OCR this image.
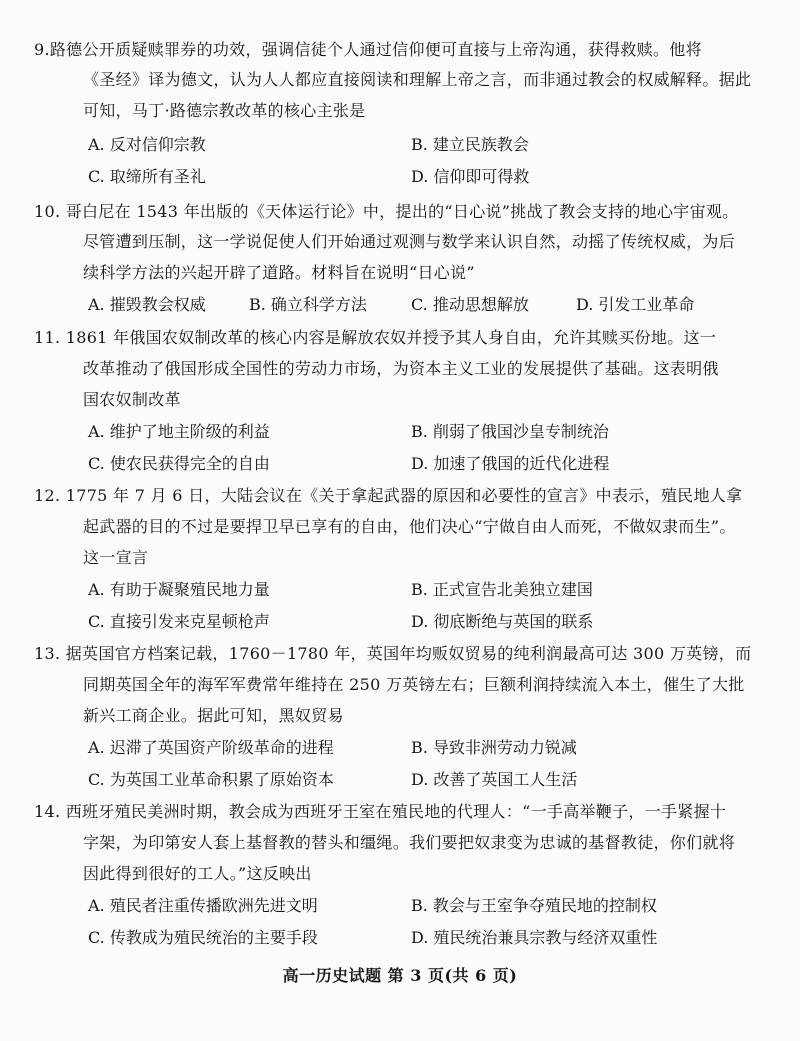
9.路德公开质疑赎罪券的功效，强调信徒个人通过信仰便可直接与上帝沟通，获得救赎。他将
《圣经》译为德文，认为人人都应直接阅读和理解上帝之言，而非通过教会的权威解释。据此
可知，马丁·路德宗教改革的核心主张是
A. 反对信仰宗教	B. 建立民族教会
C. 取缔所有圣礼	D. 信仰即可得救
10. 哥白尼在 1543 年出版的《天体运行论》中，提出的“日心说”挑战了教会支持的地心宇宙观。
尽管遭到压制，这一学说促使人们开始通过观测与数学来认识自然，动摇了传统权威，为后
续科学方法的兴起开辟了道路。材料旨在说明“日心说”
A. 摧毁教会权威	B. 确立科学方法	C. 推动思想解放	D. 引发工业革命
11. 1861 年俄国农奴制改革的核心内容是解放农奴并授予其人身自由，允许其赎买份地。这一
改革推动了俄国形成全国性的劳动力市场，为资本主义工业的发展提供了基础。这表明俄
国农奴制改革
A. 维护了地主阶级的利益	B. 削弱了俄国沙皇专制统治
C. 使农民获得完全的自由	D. 加速了俄国的近代化进程
12. 1775 年 7 月 6 日，大陆会议在《关于拿起武器的原因和必要性的宣言》中表示，殖民地人拿
起武器的目的不过是要捍卫早已享有的自由，他们决心“宁做自由人而死，不做奴隶而生”。
这一宣言
A. 有助于凝聚殖民地力量	B. 正式宣告北美独立建国
C. 直接引发来克星顿枪声	D. 彻底断绝与英国的联系
13. 据英国官方档案记载，1760－1780 年，英国年均贩奴贸易的纯利润最高可达 300 万英镑，而
同期英国全年的海军军费常年维持在 250 万英镑左右；巨额利润持续流入本土，催生了大批
新兴工商企业。据此可知，黑奴贸易
A. 迟滞了英国资产阶级革命的进程	B. 导致非洲劳动力锐减
C. 为英国工业革命积累了原始资本	D. 改善了英国工人生活
14. 西班牙殖民美洲时期，教会成为西班牙王室在殖民地的代理人：“一手高举鞭子，一手紧握十
字架，为印第安人套上基督教的替头和缰绳。我们要把奴隶变为忠诚的基督教徒，你们就将
因此得到很好的工人。”这反映出
A. 殖民者注重传播欧洲先进文明	B. 教会与王室争夺殖民地的控制权
C. 传教成为殖民统治的主要手段	D. 殖民统治兼具宗教与经济双重性
高一历史试题 第 3 页(共 6 页)
